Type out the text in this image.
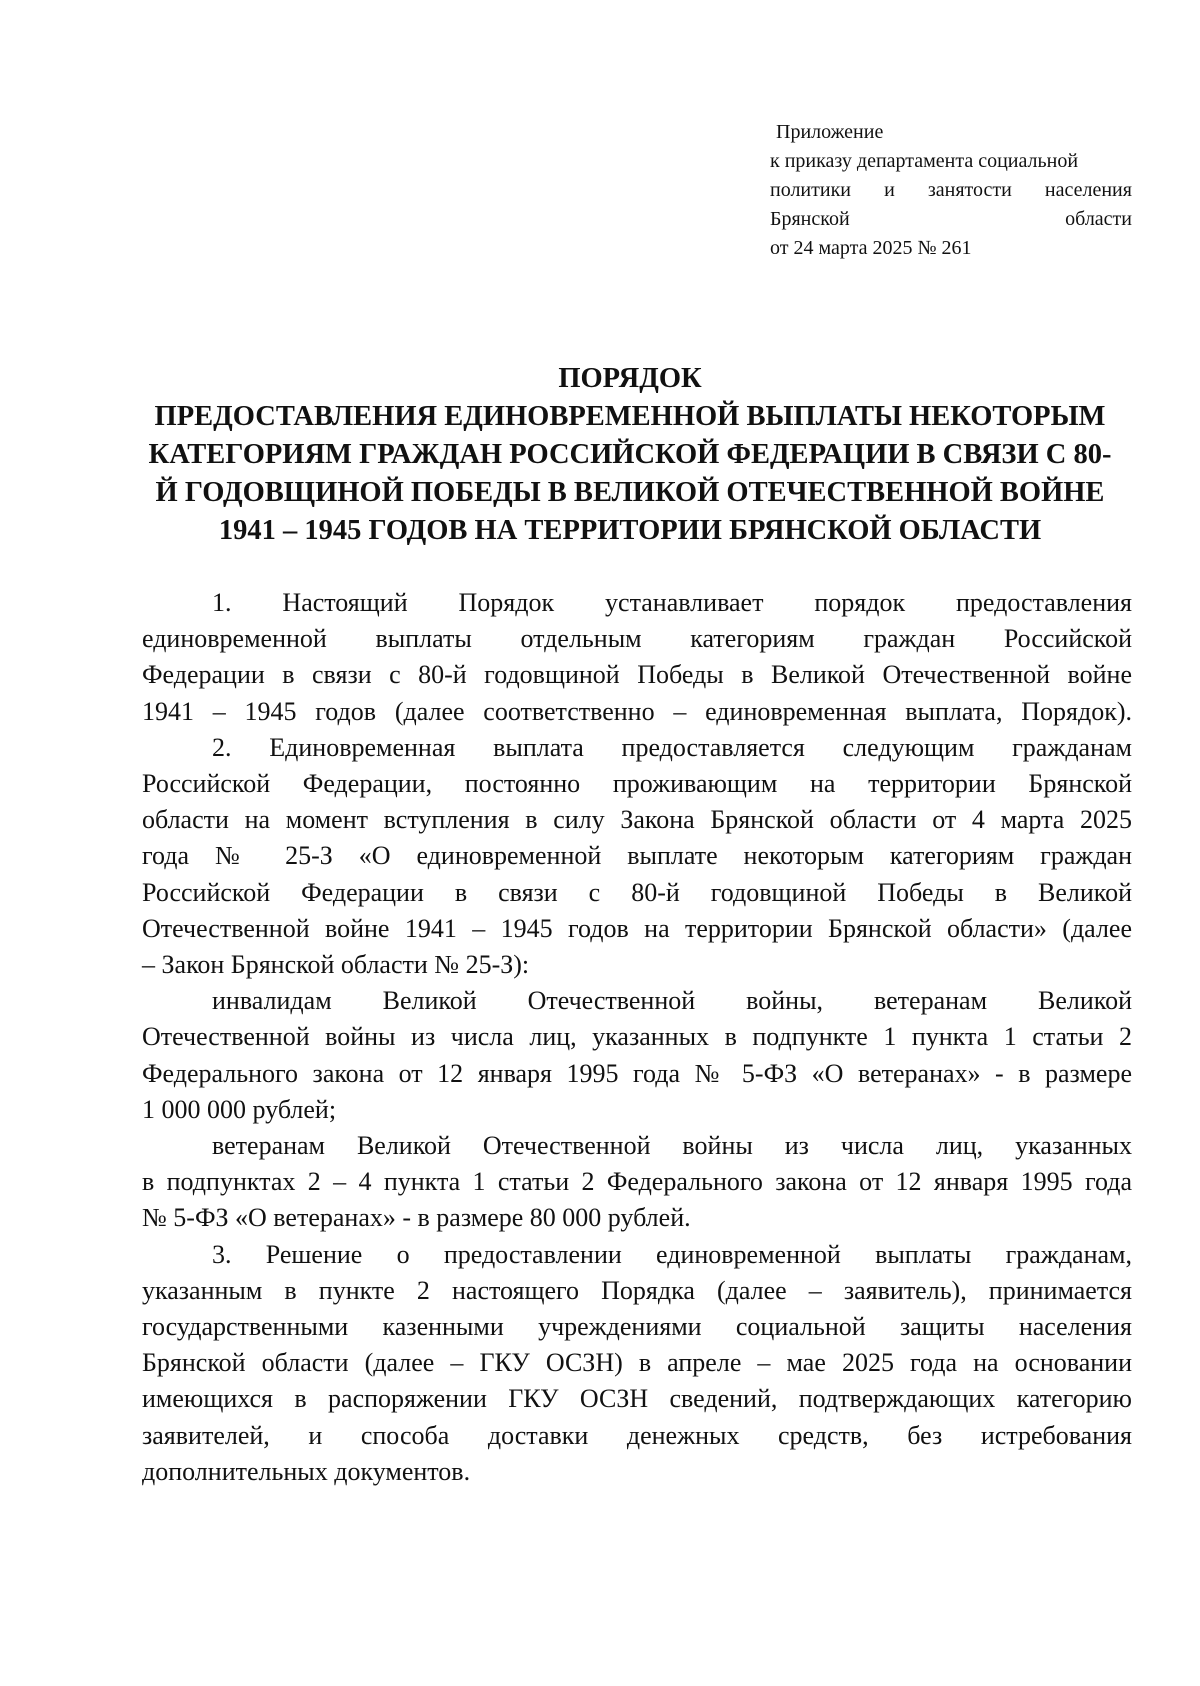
Приложение
к приказу департамента социальной
политики и занятости населения
Брянской	области
от 24 марта 2025 № 261
ПОРЯДОК
ПРЕДОСТАВЛЕНИЯ ЕДИНОВРЕМЕННОЙ ВЫПЛАТЫ НЕКОТОРЫМ
КАТЕГОРИЯМ ГРАЖДАН РОССИЙСКОЙ ФЕДЕРАЦИИ В СВЯЗИ С 80-
Й ГОДОВЩИНОЙ ПОБЕДЫ В ВЕЛИКОЙ ОТЕЧЕСТВЕННОЙ ВОЙНЕ
1941 – 1945 ГОДОВ НА ТЕРРИТОРИИ БРЯНСКОЙ ОБЛАСТИ
1. Настоящий Порядок устанавливает порядок предоставления
единовременной выплаты отдельным категориям граждан Российской
Федерации в связи с 80-й годовщиной Победы в Великой Отечественной войне
1941 – 1945 годов (далее соответственно – единовременная выплата, Порядок).
2. Единовременная выплата предоставляется следующим гражданам
Российской Федерации, постоянно проживающим на территории Брянской
области на момент вступления в силу Закона Брянской области от 4 марта 2025
года № 25-З «О единовременной выплате некоторым категориям граждан
Российской Федерации в связи с 80-й годовщиной Победы в Великой
Отечественной войне 1941 – 1945 годов на территории Брянской области» (далее
– Закон Брянской области № 25-З):
инвалидам Великой Отечественной войны, ветеранам Великой
Отечественной войны из числа лиц, указанных в подпункте 1 пункта 1 статьи 2
Федерального закона от 12 января 1995 года № 5-ФЗ «О ветеранах» - в размере
1 000 000 рублей;
ветеранам Великой Отечественной войны из числа лиц, указанных
в подпунктах 2 – 4 пункта 1 статьи 2 Федерального закона от 12 января 1995 года
№ 5-ФЗ «О ветеранах» - в размере 80 000 рублей.
3. Решение о предоставлении единовременной выплаты гражданам,
указанным в пункте 2 настоящего Порядка (далее – заявитель), принимается
государственными казенными учреждениями социальной защиты населения
Брянской области (далее – ГКУ ОСЗН) в апреле – мае 2025 года на основании
имеющихся в распоряжении ГКУ ОСЗН сведений, подтверждающих категорию
заявителей, и способа доставки денежных средств, без истребования
дополнительных документов.
